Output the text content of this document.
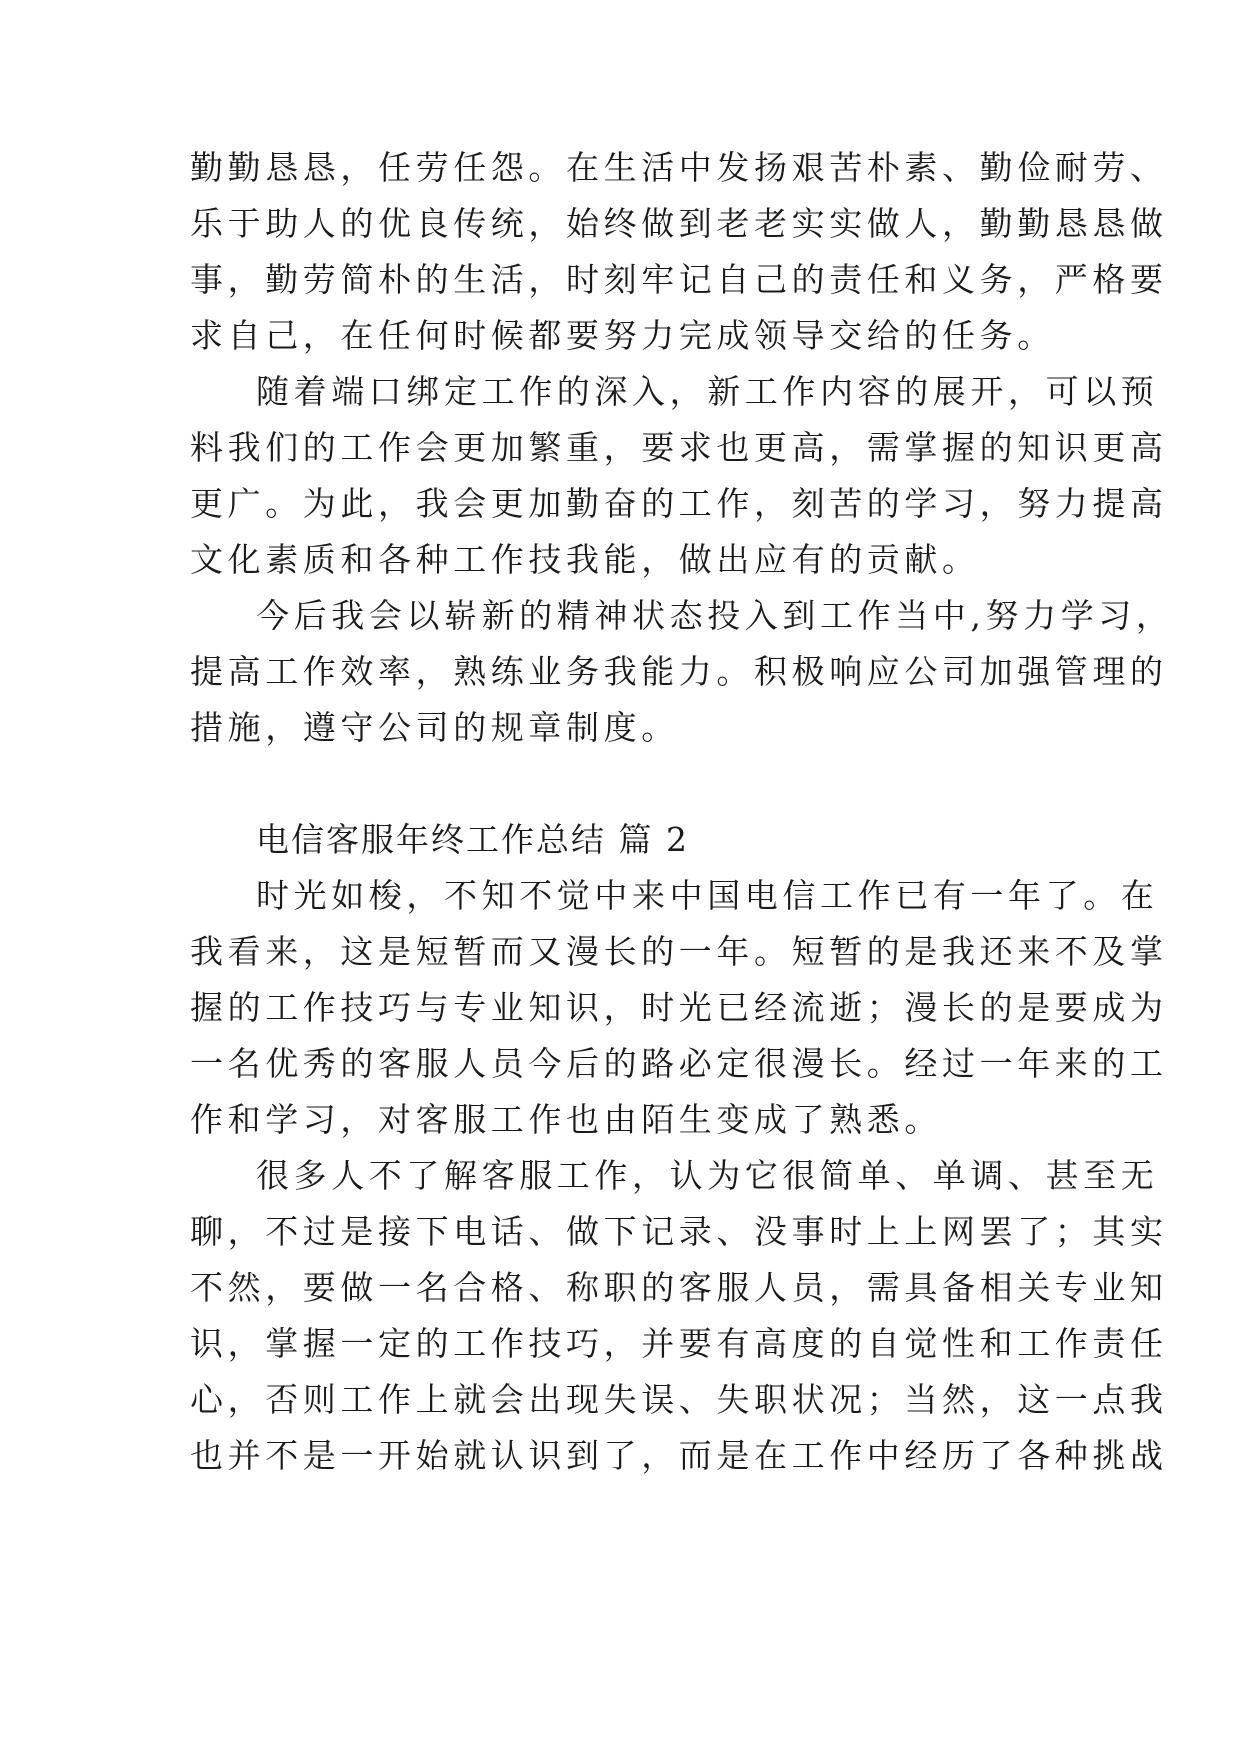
勤勤恳恳，任劳任怨。在生活中发扬艰苦朴素、勤俭耐劳、
乐于助人的优良传统，始终做到老老实实做人，勤勤恳恳做
事，勤劳简朴的生活，时刻牢记自己的责任和义务，严格要
求自己，在任何时候都要努力完成领导交给的任务。
随着端口绑定工作的深入，新工作内容的展开，可以预
料我们的工作会更加繁重，要求也更高，需掌握的知识更高
更广。为此，我会更加勤奋的工作，刻苦的学习，努力提高
文化素质和各种工作技我能，做出应有的贡献。
今后我会以崭新的精神状态投入到工作当中,努力学习，
提高工作效率，熟练业务我能力。积极响应公司加强管理的
措施，遵守公司的规章制度。
电信客服年终工作总结 篇 2
时光如梭，不知不觉中来中国电信工作已有一年了。在
我看来，这是短暂而又漫长的一年。短暂的是我还来不及掌
握的工作技巧与专业知识，时光已经流逝；漫长的是要成为
一名优秀的客服人员今后的路必定很漫长。经过一年来的工
作和学习，对客服工作也由陌生变成了熟悉。
很多人不了解客服工作，认为它很简单、单调、甚至无
聊，不过是接下电话、做下记录、没事时上上网罢了；其实
不然，要做一名合格、称职的客服人员，需具备相关专业知
识，掌握一定的工作技巧，并要有高度的自觉性和工作责任
心，否则工作上就会出现失误、失职状况；当然，这一点我
也并不是一开始就认识到了，而是在工作中经历了各种挑战
